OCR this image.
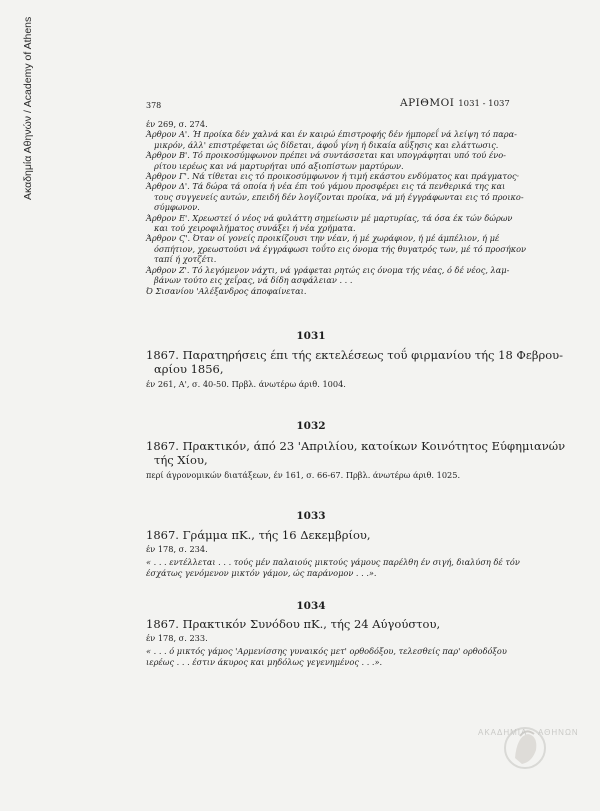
Ακαδημία Αθηνών / Academy of Athens	378	ΑΡΙΘΜΟΙ 1031 - 1037
έν 269, σ. 274.
Άρθρον Α'. Ή προίκα δέν χαλνά και έν καιρώ έπιστροφής δέν ήμπορεΐ νά λείψη τό παρα-
μικρόν, άλλ' επιστρέφεται ώς δίδεται, άφοΰ γίνη ή δικαία αΰξησις και ελάττωσις.
Άρθρον Β'. Τό προικοσύμφωνον πρέπει νά συντάσσεται και υπογράφηται υπό τού ένο-
ρίτου ιερέως και νά μαρτυρήται υπό αξιοπίστων μαρτύρων.
Άρθρον Γ'. Νά τίθεται εις τό προικοσύμφωνον ή τιμή εκάστου ενδύματος και πράγματος·
Άρθρον Δ'. Τά δώρα τά οποία ή νέα έπι τού γάμου προσφέρει εις τά πενθερικά της και
τους συγγενείς αυτών, επειδή δέν λογίζονται προίκα, νά μή έγγράφωνται εις τό προικο-
σύμφωνον.
Άρθρον Ε'. Χρεωστεί ό νέος νά φυλάττη σημείωσιν μέ μαρτυρίας, τά όσα έκ τών δώρων
και τού χειροφιλήματος συνάξει ή νέα χρήματα.
Άρθρον Ϛ'. Όταν οί γονείς προικίζουσι την νέαν, ή μέ χωράφιον, ή μέ άμπέλιον, ή μέ
όσπήτιον, χρεωστούσι νά έγγράφωσι τοΰτο εις όνομα τής θυγατρός των, μέ τό προσήκον
ταπί ή χοτζέτι.
Άρθρον Ζ'. Τό λεγόμενον νάχτι, νά γράφεται ρητώς εις όνομα τής νέας, ό δέ νέος, λαμ-
βάνων τούτο εις χεΐρας, νά δίδη ασφάλειαν . . .
Ό Σισανίου 'Αλέξανδρος άποφαίνεται.
1031
1867. Παρατηρήσεις έπι τής εκτελέσεως τοΰ φιρμανίου τής 18 Φεβρου-
αρίου 1856,
έν 261, Α', σ. 40-50. Πρβλ. άνωτέρω άριθ. 1004.
1032
1867. Πρακτικόν, άπό 23 'Απριλίου, κατοίκων Κοινότητος Εύφημιανών
τής Χίου,
περί άγρονομικών διατάξεων, έν 161, σ. 66-67. Πρβλ. άνωτέρω άριθ. 1025.
1033
1867. Γράμμα πΚ., τής 16 Δεκεμβρίου,
έν 178, σ. 234.
« . . . εντέλλεται . . . τούς μέν παλαιούς μικτούς γάμους παρέλθη έν σιγή, διαλύση δέ τόν
έσχάτως γενόμενον μικτόν γάμον, ώς παράνομον . . .».
1034
1867. Πρακτικόν Συνόδου πΚ., τής 24 Αύγούστου,
έν 178, σ. 233.
« . . . ό μικτός γάμος 'Αρμενίσσης γυναικός μετ' ορθοδόξου, τελεσθείς παρ' ορθοδόξου
ιερέως . . . έστιν άκυρος και μηδόλως γεγενημένος . . .».
ΑΚΑΔΗΜΙΑ ΑΘΗΝΩΝ
